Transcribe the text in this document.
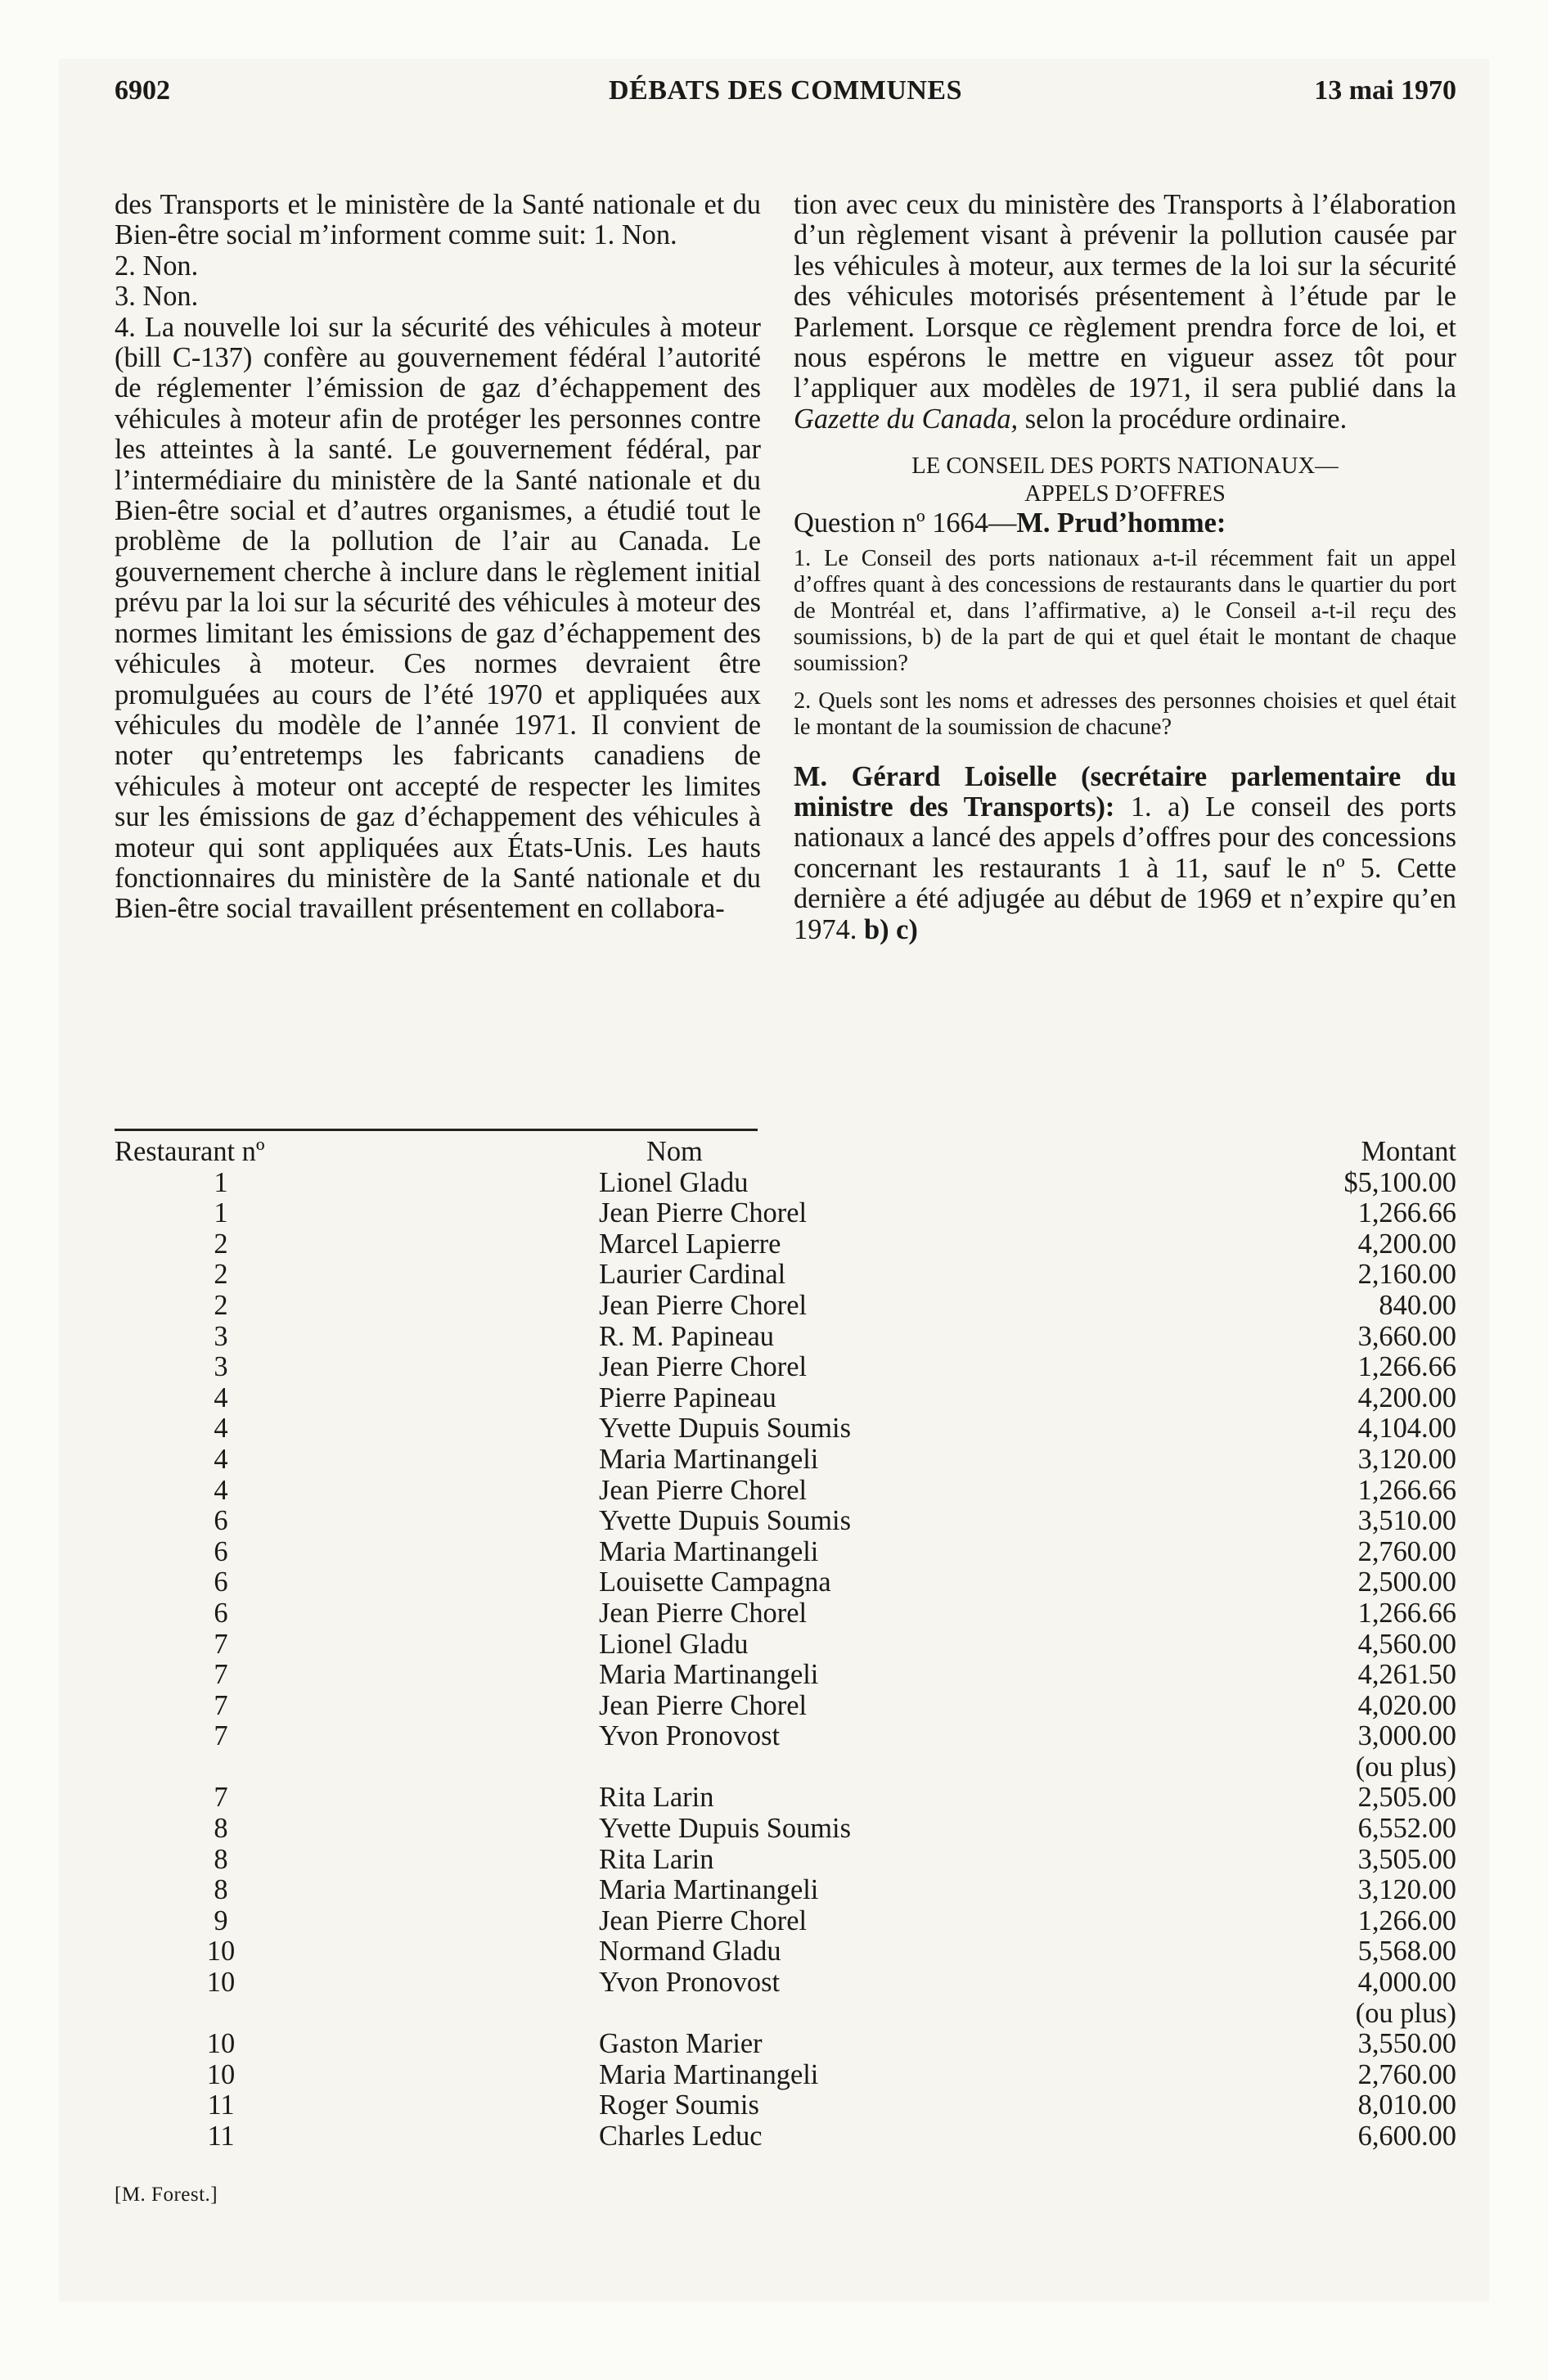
6902	DÉBATS DES COMMUNES	13 mai 1970

des Transports et le ministère de la Santé nationale et du Bien-être social m’informent comme suit: 1. Non.

2. Non.

3. Non.

4. La nouvelle loi sur la sécurité des véhicules à moteur (bill C-137) confère au gouvernement fédéral l’autorité de réglementer l’émission de gaz d’échappement des véhicules à moteur afin de protéger les personnes contre les atteintes à la santé. Le gouvernement fédéral, par l’intermédiaire du ministère de la Santé nationale et du Bien-être social et d’autres organismes, a étudié tout le problème de la pollution de l’air au Canada. Le gouvernement cherche à inclure dans le règlement initial prévu par la loi sur la sécurité des véhicules à moteur des normes limitant les émissions de gaz d’échappement des véhicules à moteur. Ces normes devraient être promulguées au cours de l’été 1970 et appliquées aux véhicules du modèle de l’année 1971. Il convient de noter qu’entretemps les fabricants canadiens de véhicules à moteur ont accepté de respecter les limites sur les émissions de gaz d’échappement des véhicules à moteur qui sont appliquées aux États-Unis. Les hauts fonctionnaires du ministère de la Santé nationale et du Bien-être social travaillent présentement en collabora-

tion avec ceux du ministère des Transports à l’élaboration d’un règlement visant à prévenir la pollution causée par les véhicules à moteur, aux termes de la loi sur la sécurité des véhicules motorisés présentement à l’étude par le Parlement. Lorsque ce règlement prendra force de loi, et nous espérons le mettre en vigueur assez tôt pour l’appliquer aux modèles de 1971, il sera publié dans la Gazette du Canada, selon la procédure ordinaire.

LE CONSEIL DES PORTS NATIONAUX—
APPELS D’OFFRES

Question nº 1664—M. Prud’homme:

1. Le Conseil des ports nationaux a-t-il récemment fait un appel d’offres quant à des concessions de restaurants dans le quartier du port de Montréal et, dans l’affirmative, a) le Conseil a-t-il reçu des soumissions, b) de la part de qui et quel était le montant de chaque soumission?

2. Quels sont les noms et adresses des personnes choisies et quel était le montant de la soumission de chacune?

M. Gérard Loiselle (secrétaire parlementaire du ministre des Transports): 1. a) Le conseil des ports nationaux a lancé des appels d’offres pour des concessions concernant les restaurants 1 à 11, sauf le nº 5. Cette dernière a été adjugée au début de 1969 et n’expire qu’en 1974. b) c)

Restaurant nº	Nom	Montant
1	Lionel Gladu	$5,100.00
1	Jean Pierre Chorel	1,266.66
2	Marcel Lapierre	4,200.00
2	Laurier Cardinal	2,160.00
2	Jean Pierre Chorel	840.00
3	R. M. Papineau	3,660.00
3	Jean Pierre Chorel	1,266.66
4	Pierre Papineau	4,200.00
4	Yvette Dupuis Soumis	4,104.00
4	Maria Martinangeli	3,120.00
4	Jean Pierre Chorel	1,266.66
6	Yvette Dupuis Soumis	3,510.00
6	Maria Martinangeli	2,760.00
6	Louisette Campagna	2,500.00
6	Jean Pierre Chorel	1,266.66
7	Lionel Gladu	4,560.00
7	Maria Martinangeli	4,261.50
7	Jean Pierre Chorel	4,020.00
7	Yvon Pronovost	3,000.00
(ou plus)
7	Rita Larin	2,505.00
8	Yvette Dupuis Soumis	6,552.00
8	Rita Larin	3,505.00
8	Maria Martinangeli	3,120.00
9	Jean Pierre Chorel	1,266.00
10	Normand Gladu	5,568.00
10	Yvon Pronovost	4,000.00
(ou plus)
10	Gaston Marier	3,550.00
10	Maria Martinangeli	2,760.00
11	Roger Soumis	8,010.00
11	Charles Leduc	6,600.00
[M. Forest.]
